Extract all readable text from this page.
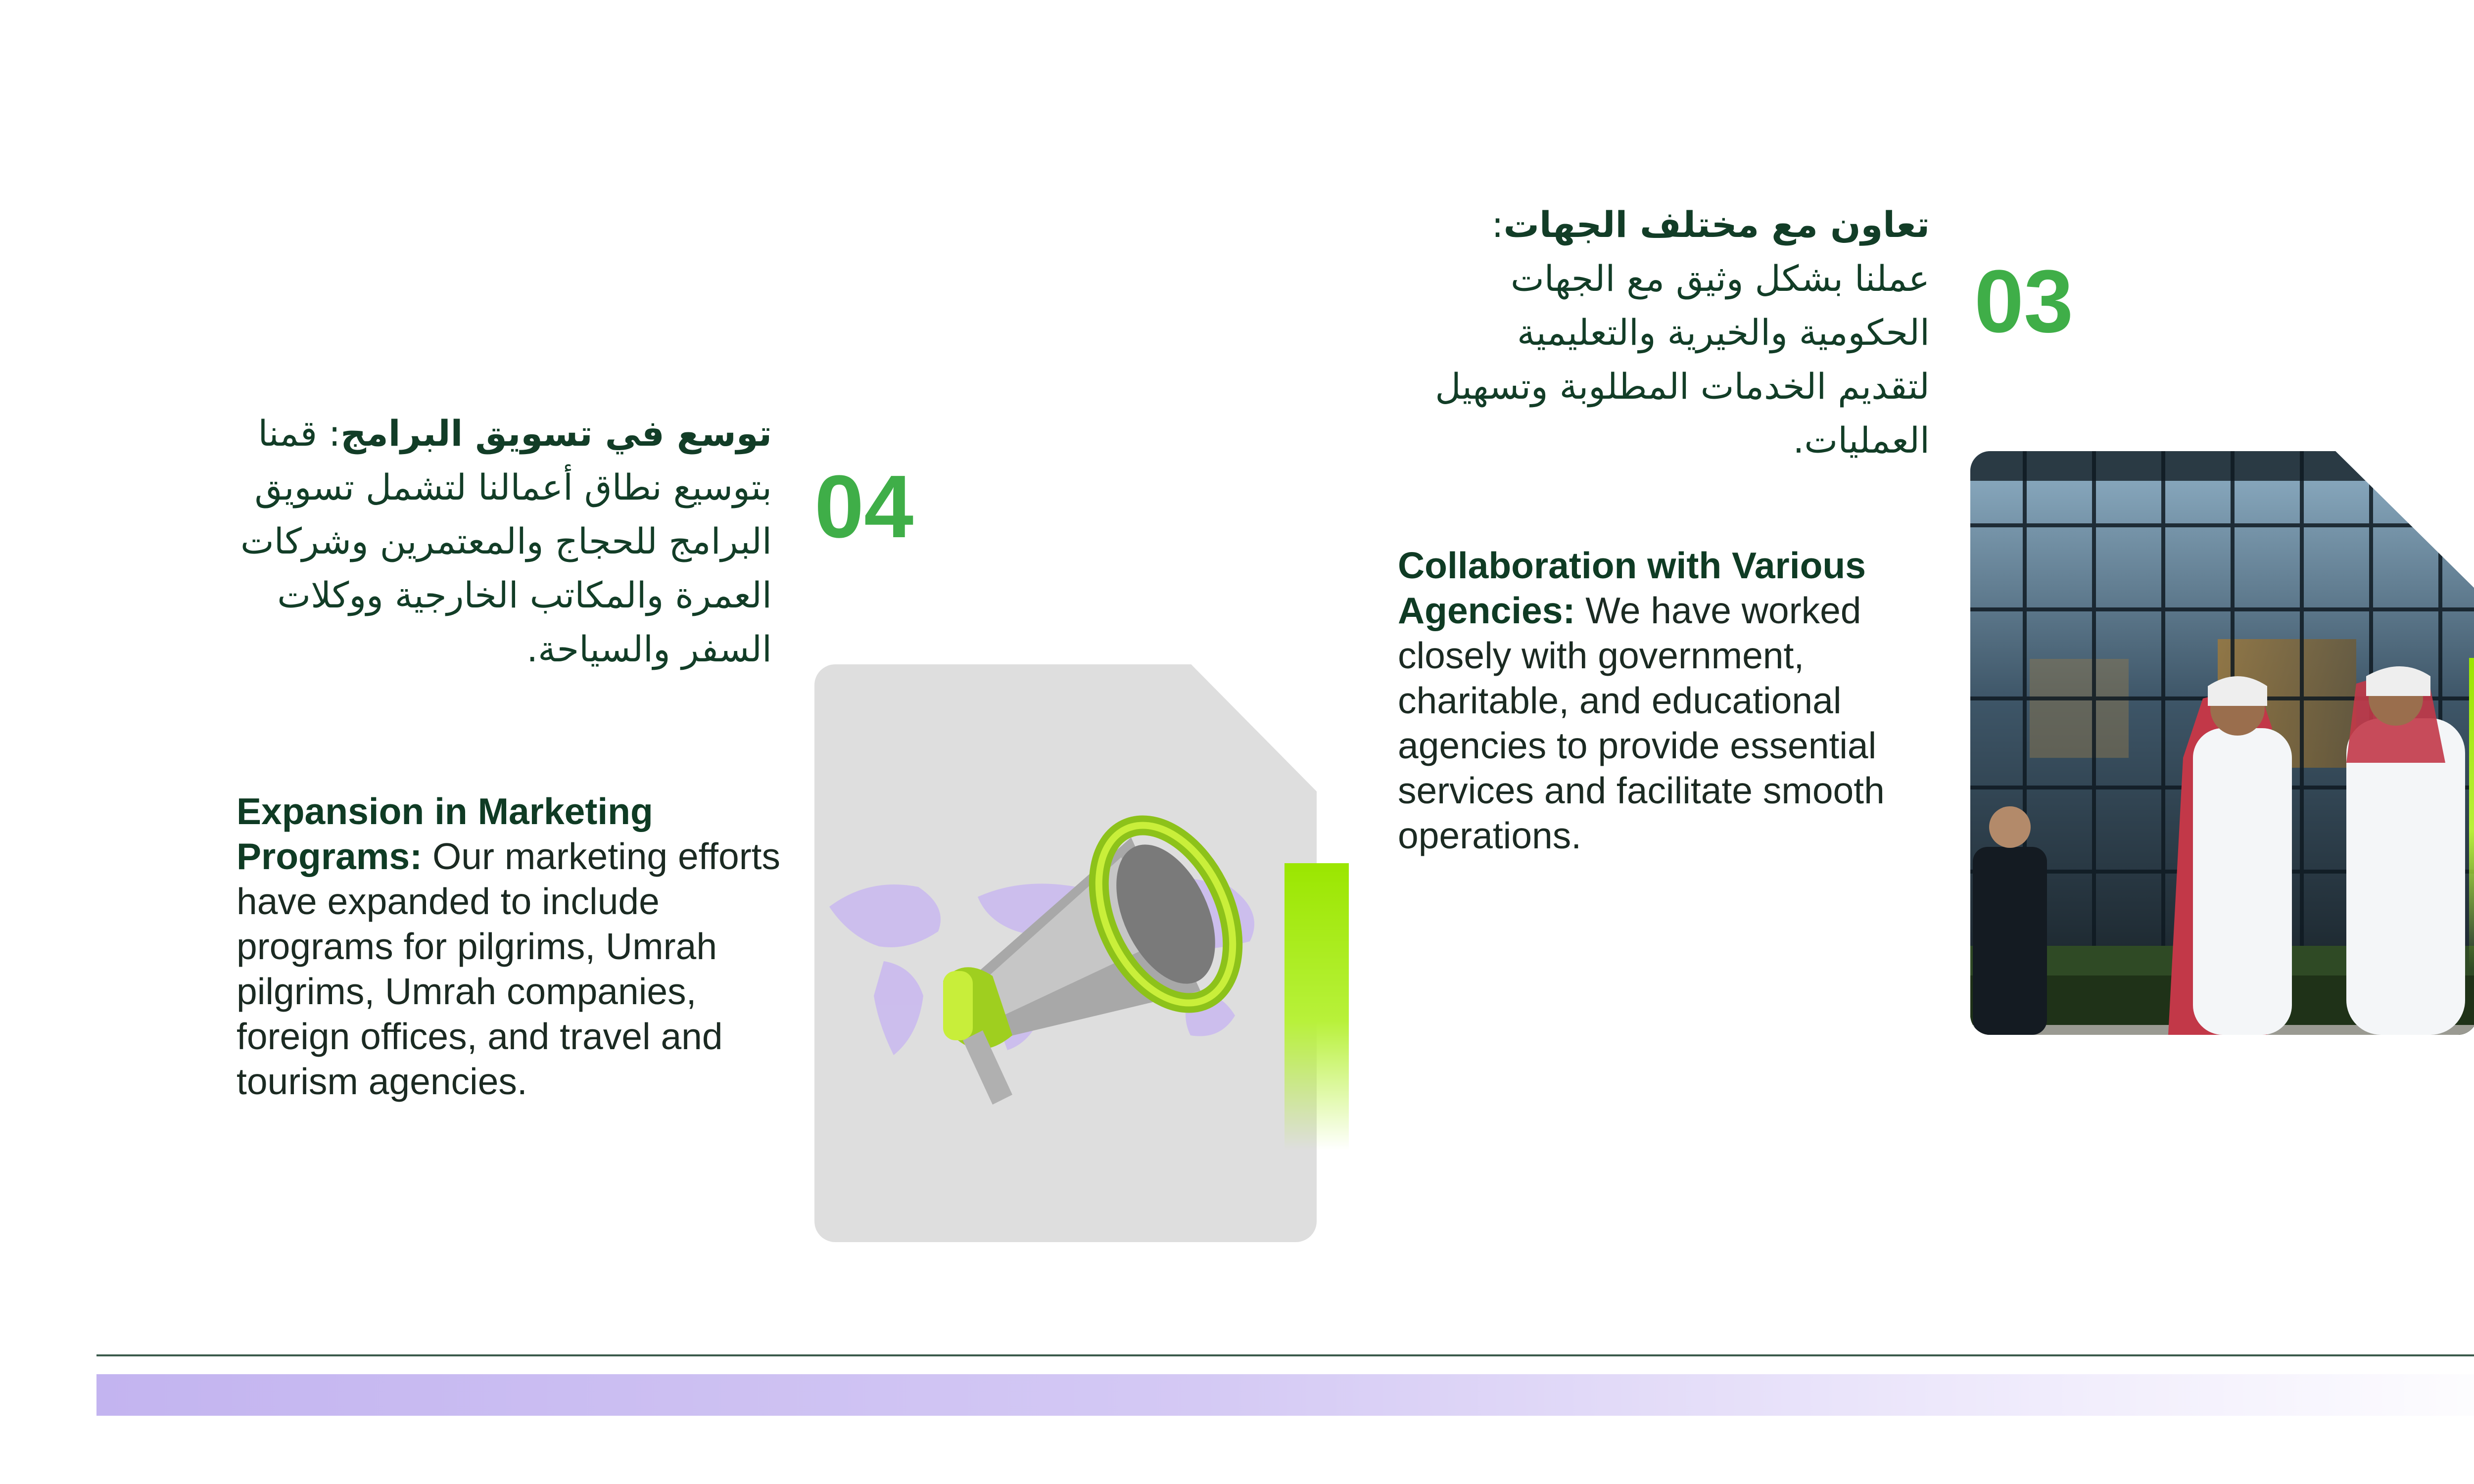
تعاون مع مختلف الجهات: عملنا بشكل وثيق مع الجهات الحكومية والخيرية والتعليمية لتقديم الخدمات المطلوبة وتسهيل العمليات.
03
Collaboration with Various Agencies: We have worked closely with government, charitable, and educational agencies to provide essential services and facilitate smooth operations.
توسع في تسويق البرامج: قمنا بتوسيع نطاق أعمالنا لتشمل تسويق البرامج للحجاج والمعتمرين وشركات العمرة والمكاتب الخارجية ووكلات السفر والسياحة.
04
Expansion in Marketing Programs: Our marketing efforts have expanded to include programs for pilgrims, Umrah pilgrims, Umrah companies, foreign offices, and travel and tourism agencies.
